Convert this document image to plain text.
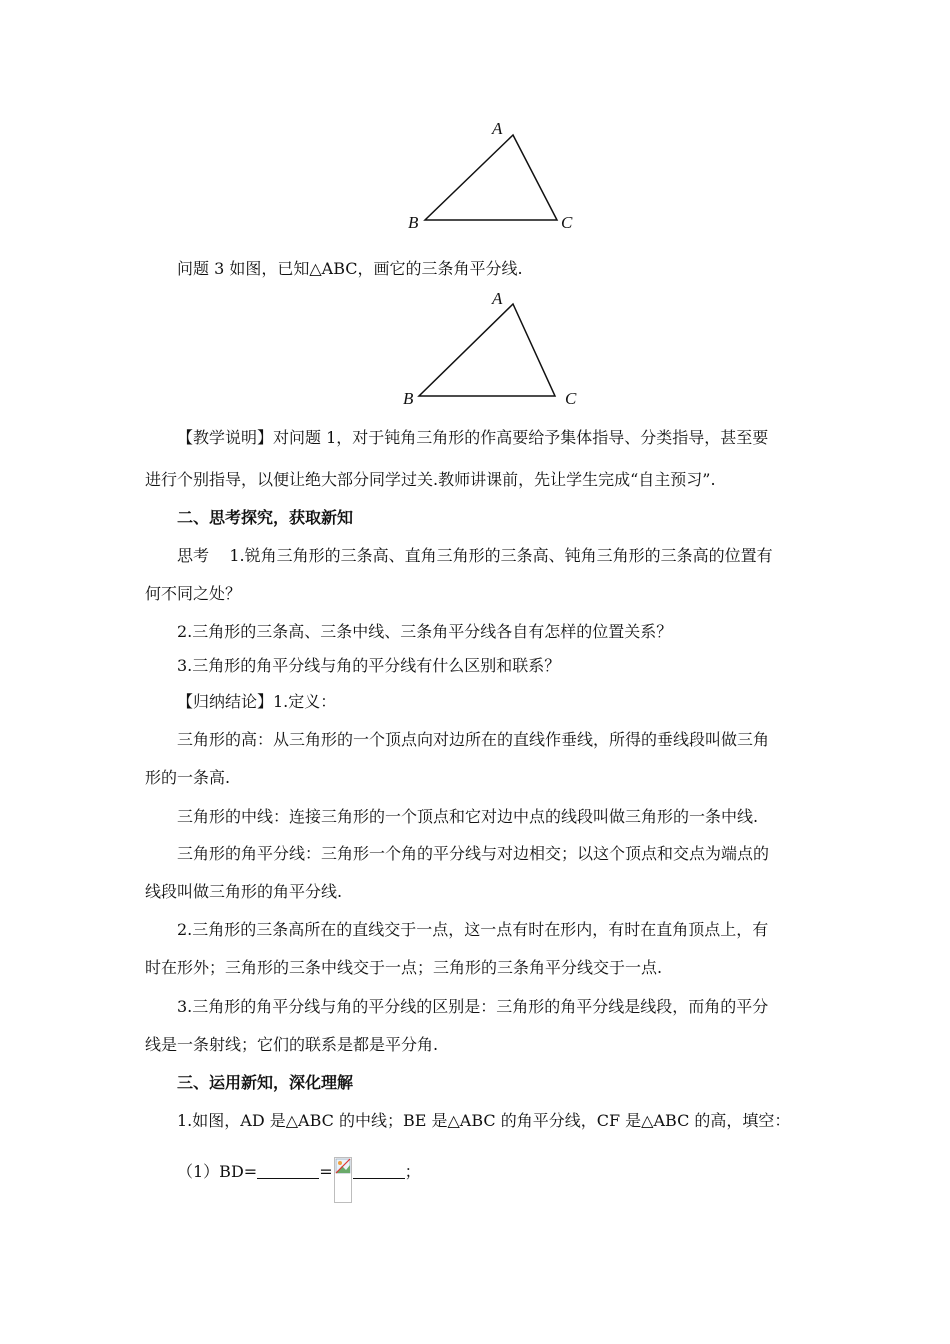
A
B	C
问题 3 如图，已知△ABC，画它的三条角平分线.
A
B	C
【教学说明】对问题 1，对于钝角三角形的作高要给予集体指导、分类指导，甚至要
进行个别指导，以便让绝大部分同学过关.教师讲课前，先让学生完成“自主预习”.
二、思考探究，获取新知
思考    1.锐角三角形的三条高、直角三角形的三条高、钝角三角形的三条高的位置有
何不同之处？
2.三角形的三条高、三条中线、三条角平分线各自有怎样的位置关系？
3.三角形的角平分线与角的平分线有什么区别和联系？
【归纳结论】1.定义：
三角形的高：从三角形的一个顶点向对边所在的直线作垂线，所得的垂线段叫做三角
形的一条高.
三角形的中线：连接三角形的一个顶点和它对边中点的线段叫做三角形的一条中线.
三角形的角平分线：三角形一个角的平分线与对边相交；以这个顶点和交点为端点的
线段叫做三角形的角平分线.
2.三角形的三条高所在的直线交于一点，这一点有时在形内，有时在直角顶点上，有
时在形外；三角形的三条中线交于一点；三角形的三条角平分线交于一点.
3.三角形的角平分线与角的平分线的区别是：三角形的角平分线是线段，而角的平分
线是一条射线；它们的联系是都是平分角.
三、运用新知，深化理解
1.如图，AD 是△ABC 的中线；BE 是△ABC 的角平分线，CF 是△ABC 的高，填空：
（1）BD=	=	；
